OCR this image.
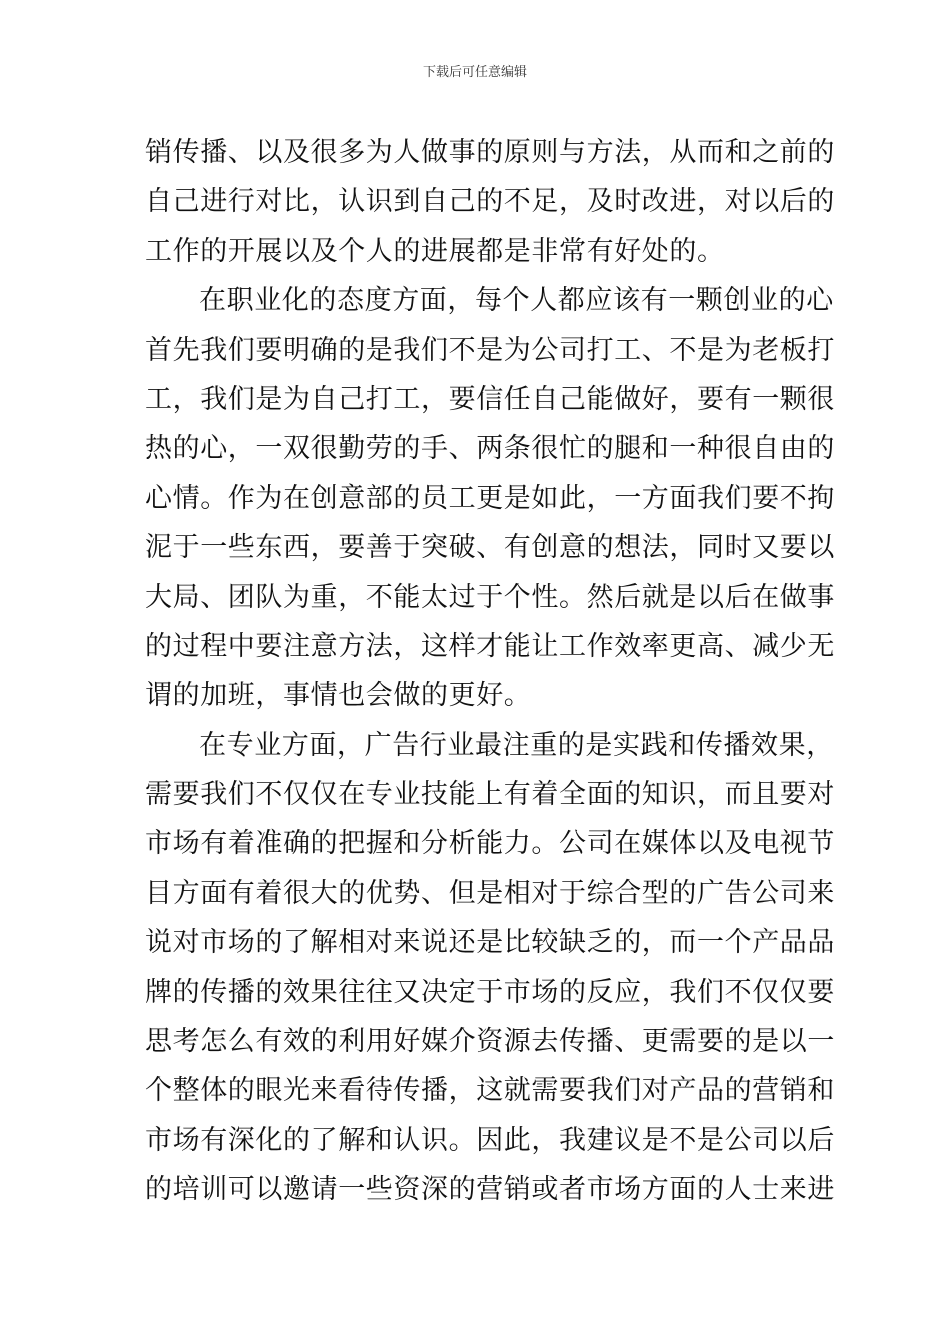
下载后可任意编辑
销传播、以及很多为人做事的原则与方法，从而和之前的
自己进行对比，认识到自己的不足，及时改进，对以后的
工作的开展以及个人的进展都是非常有好处的。
在职业化的态度方面，每个人都应该有一颗创业的心
首先我们要明确的是我们不是为公司打工、不是为老板打
工，我们是为自己打工，要信任自己能做好，要有一颗很
热的心，一双很勤劳的手、两条很忙的腿和一种很自由的
心情。作为在创意部的员工更是如此，一方面我们要不拘
泥于一些东西，要善于突破、有创意的想法，同时又要以
大局、团队为重，不能太过于个性。然后就是以后在做事
的过程中要注意方法，这样才能让工作效率更高、减少无
谓的加班，事情也会做的更好。
在专业方面，广告行业最注重的是实践和传播效果，
需要我们不仅仅在专业技能上有着全面的知识，而且要对
市场有着准确的把握和分析能力。公司在媒体以及电视节
目方面有着很大的优势、但是相对于综合型的广告公司来
说对市场的了解相对来说还是比较缺乏的，而一个产品品
牌的传播的效果往往又决定于市场的反应，我们不仅仅要
思考怎么有效的利用好媒介资源去传播、更需要的是以一
个整体的眼光来看待传播，这就需要我们对产品的营销和
市场有深化的了解和认识。因此，我建议是不是公司以后
的培训可以邀请一些资深的营销或者市场方面的人士来进
